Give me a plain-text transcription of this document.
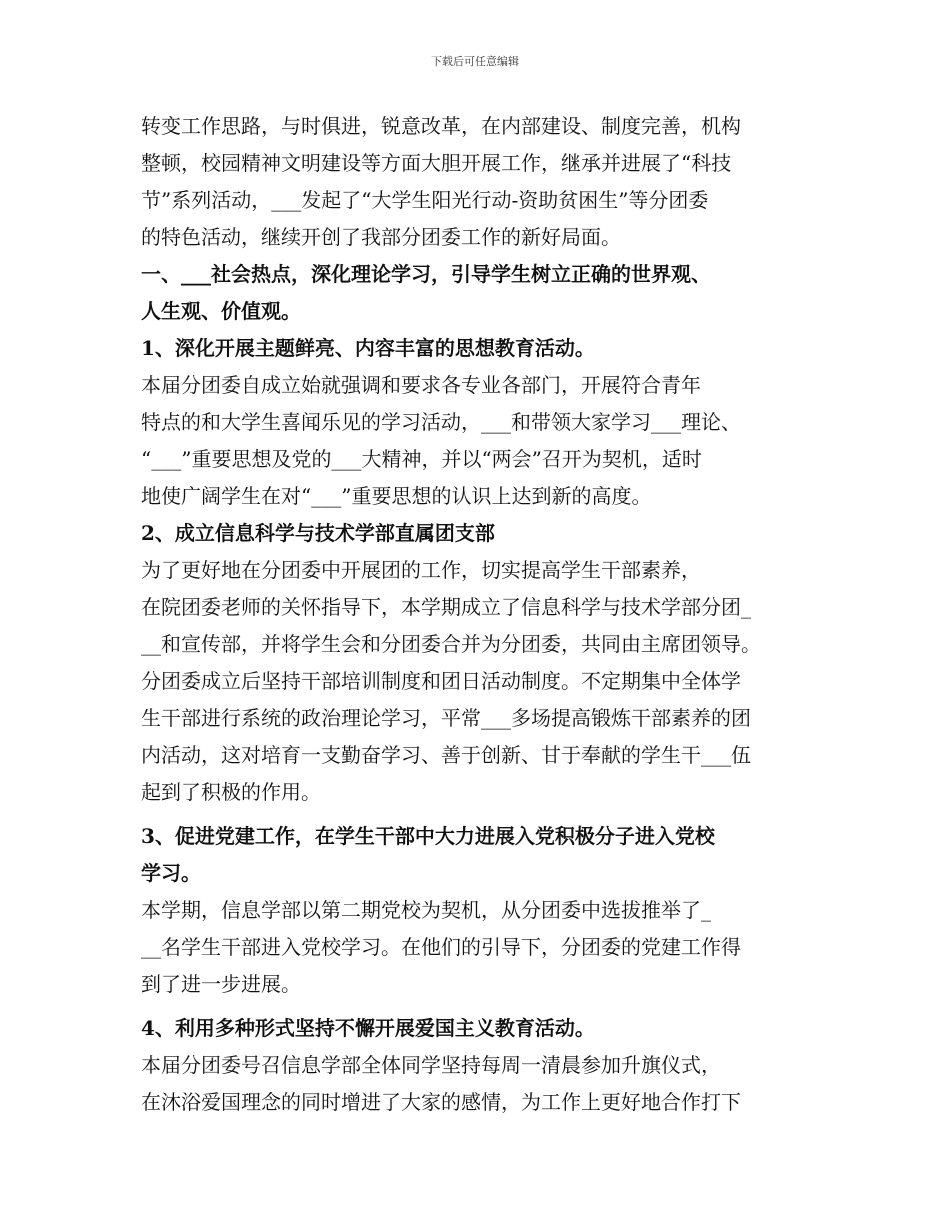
下载后可任意编辑
转变工作思路，与时俱进，锐意改革，在内部建设、制度完善，机构
整顿，校园精神文明建设等方面大胆开展工作，继承并进展了“科技
节”系列活动，___发起了“大学生阳光行动-资助贫困生”等分团委
的特色活动，继续开创了我部分团委工作的新好局面。
一、___社会热点，深化理论学习，引导学生树立正确的世界观、
人生观、价值观。
1、深化开展主题鲜亮、内容丰富的思想教育活动。
本届分团委自成立始就强调和要求各专业各部门，开展符合青年
特点的和大学生喜闻乐见的学习活动，___和带领大家学习___理论、
“___”重要思想及党的___大精神，并以“两会”召开为契机，适时
地使广阔学生在对“___”重要思想的认识上达到新的高度。
2、成立信息科学与技术学部直属团支部
为了更好地在分团委中开展团的工作，切实提高学生干部素养，
在院团委老师的关怀指导下，本学期成立了信息科学与技术学部分团_
__和宣传部，并将学生会和分团委合并为分团委，共同由主席团领导。
分团委成立后坚持干部培训制度和团日活动制度。不定期集中全体学
生干部进行系统的政治理论学习，平常___多场提高锻炼干部素养的团
内活动，这对培育一支勤奋学习、善于创新、甘于奉献的学生干___伍
起到了积极的作用。
3、促进党建工作，在学生干部中大力进展入党积极分子进入党校
学习。
本学期，信息学部以第二期党校为契机，从分团委中选拔推举了_
__名学生干部进入党校学习。在他们的引导下，分团委的党建工作得
到了进一步进展。
4、利用多种形式坚持不懈开展爱国主义教育活动。
本届分团委号召信息学部全体同学坚持每周一清晨参加升旗仪式，
在沐浴爱国理念的同时增进了大家的感情，为工作上更好地合作打下
